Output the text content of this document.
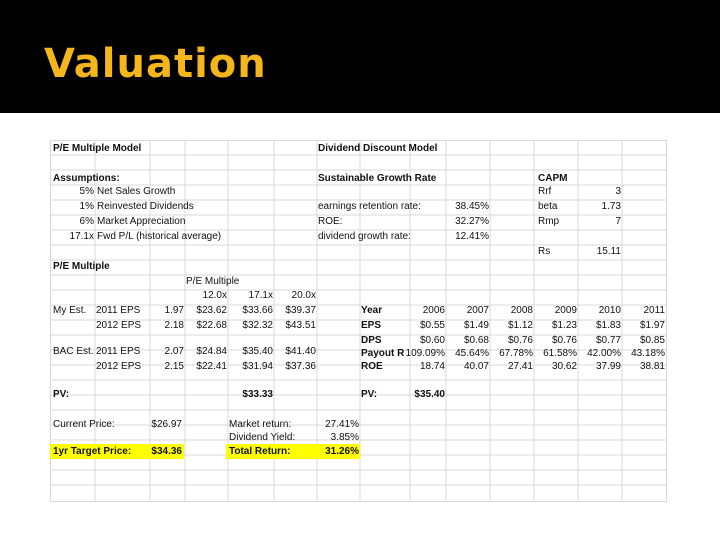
Valuation
P/E Multiple Model	Dividend Discount Model
Assumptions:
5% Net Sales Growth
1% Reinvested Dividends
6% Market Appreciation
17.1x Fwd P/L (historical average)
Sustainable Growth Rate
earnings retention rate:	38.45%
ROE:	32.27%
dividend growth rate:	12.41%
CAPM
Rrf	3
beta	1.73
Rmp	7
Rs	15.11
P/E Multiple
P/E Multiple
12.0x	17.1x	20.0x
My Est. 2011 EPS	1.97	$23.62	$33.66	$39.37
2012 EPS	2.18	$22.68	$32.32	$43.51
BAC Est. 2011 EPS	2.07	$24.84	$35.40	$41.40
2012 EPS	2.15	$22.41	$31.94	$37.36
Year	2006	2007	2008	2009	2010	2011
EPS	$0.55	$1.49	$1.12	$1.23	$1.83	$1.97
DPS	$0.60	$0.68	$0.76	$0.76	$0.77	$0.85
Payout R 109.09%	45.64%	67.78%	61.58%	42.00%	43.18%
ROE	18.74	40.07	27.41	30.62	37.99	38.81
PV:	$33.33	PV:	$35.40
Current Price:	$26.97	Market return:	27.41%
Dividend Yield:	3.85%
1yr Target Price:	$34.36	Total Return:	31.26%
